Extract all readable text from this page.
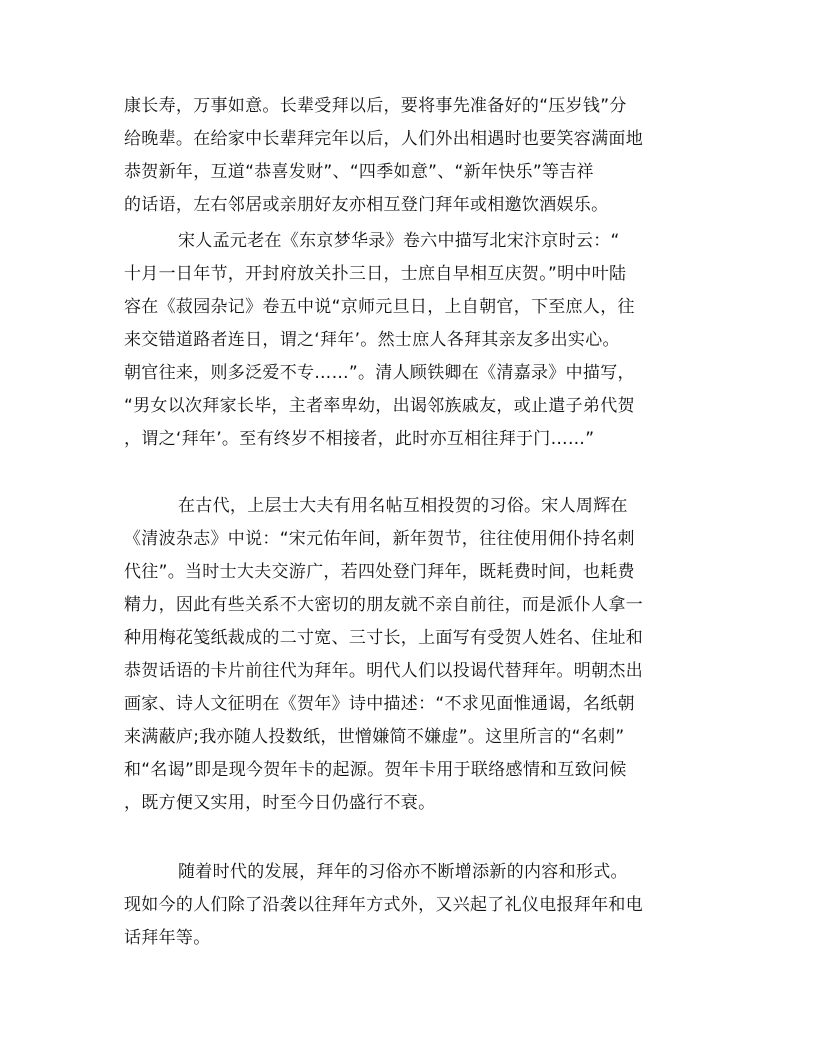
康长寿，万事如意。长辈受拜以后，要将事先准备好的“压岁钱”分
给晚辈。在给家中长辈拜完年以后，人们外出相遇时也要笑容满面地
恭贺新年，互道“恭喜发财”、“四季如意”、“新年快乐”等吉祥
的话语，左右邻居或亲朋好友亦相互登门拜年或相邀饮酒娱乐。
宋人孟元老在《东京梦华录》卷六中描写北宋汴京时云：“
十月一日年节，开封府放关扑三日，士庶自早相互庆贺。”明中叶陆
容在《菽园杂记》卷五中说“京师元旦日，上自朝官，下至庶人，往
来交错道路者连日，谓之‘拜年’。然士庶人各拜其亲友多出实心。
朝官往来，则多泛爱不专……”。清人顾铁卿在《清嘉录》中描写，
“男女以次拜家长毕，主者率卑幼，出谒邻族戚友，或止遣子弟代贺
，谓之‘拜年’。至有终岁不相接者，此时亦互相往拜于门……”
在古代，上层士大夫有用名帖互相投贺的习俗。宋人周辉在
《清波杂志》中说：“宋元佑年间，新年贺节，往往使用佣仆持名刺
代往”。当时士大夫交游广，若四处登门拜年，既耗费时间，也耗费
精力，因此有些关系不大密切的朋友就不亲自前往，而是派仆人拿一
种用梅花笺纸裁成的二寸宽、三寸长，上面写有受贺人姓名、住址和
恭贺话语的卡片前往代为拜年。明代人们以投谒代替拜年。明朝杰出
画家、诗人文征明在《贺年》诗中描述：“不求见面惟通谒，名纸朝
来满蔽庐;我亦随人投数纸，世憎嫌简不嫌虚”。这里所言的“名刺”
和“名谒”即是现今贺年卡的起源。贺年卡用于联络感情和互致问候
，既方便又实用，时至今日仍盛行不衰。
随着时代的发展，拜年的习俗亦不断增添新的内容和形式。
现如今的人们除了沿袭以往拜年方式外，又兴起了礼仪电报拜年和电
话拜年等。
